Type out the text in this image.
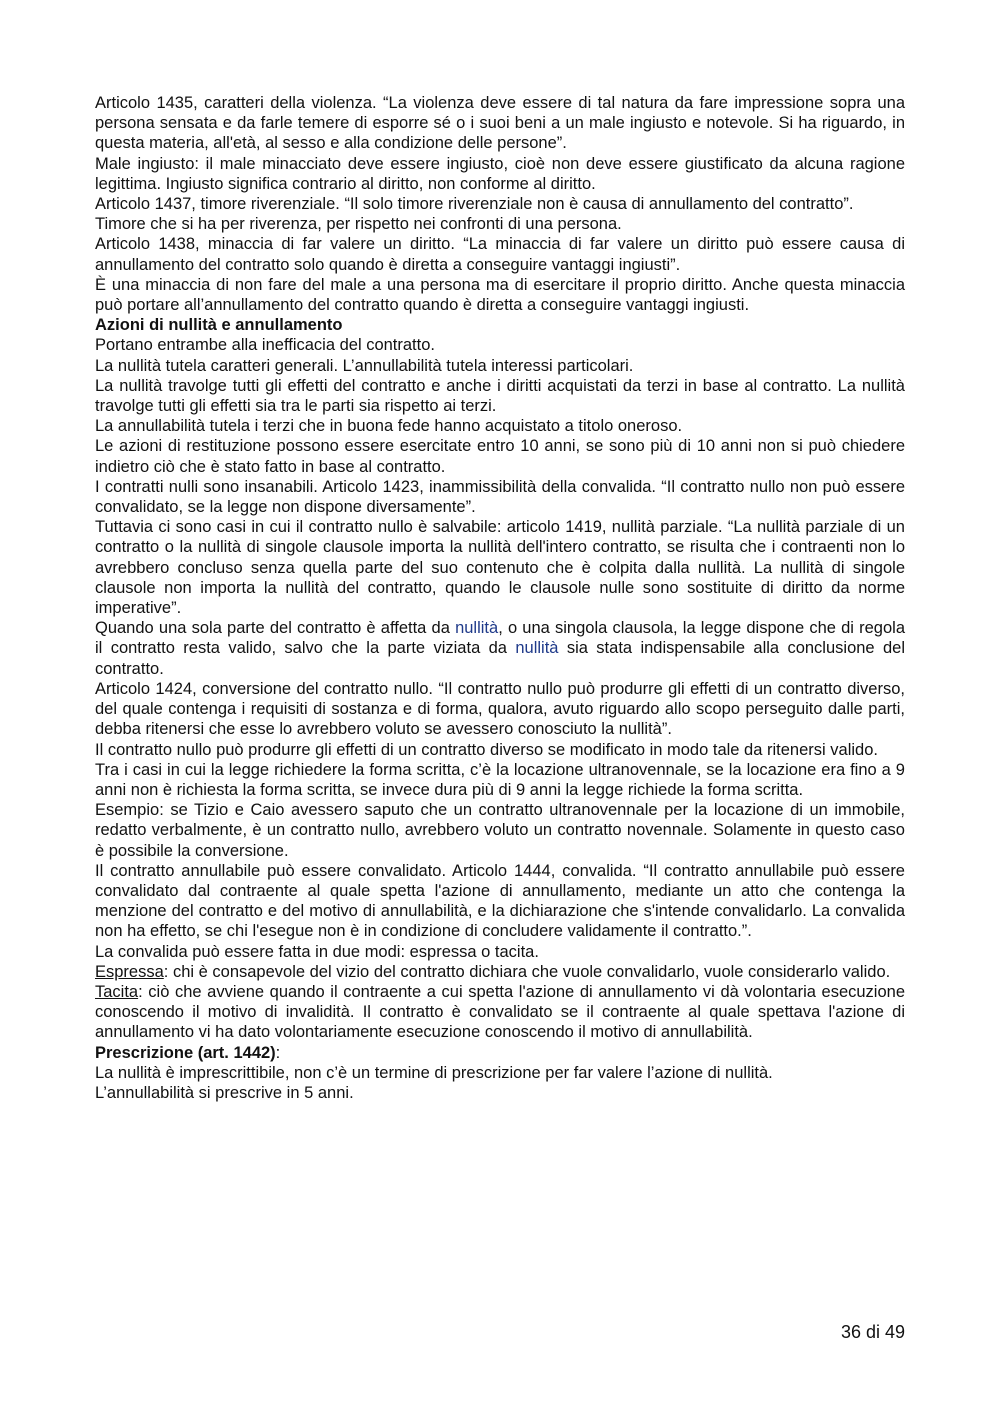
Articolo 1435, caratteri della violenza. “La violenza deve essere di tal natura da fare impressione sopra una persona sensata e da farle temere di esporre sé o i suoi beni a un male ingiusto e notevole. Si ha riguardo, in questa materia, all'età, al sesso e alla condizione delle persone”.

Male ingiusto: il male minacciato deve essere ingiusto, cioè non deve essere giustificato da alcuna ragione legittima. Ingiusto significa contrario al diritto, non conforme al diritto.

Articolo 1437, timore riverenziale. “Il solo timore riverenziale non è causa di annullamento del contratto”.

Timore che si ha per riverenza, per rispetto nei confronti di una persona.

Articolo 1438, minaccia di far valere un diritto. “La minaccia di far valere un diritto può essere causa di annullamento del contratto solo quando è diretta a conseguire vantaggi ingiusti”.

È una minaccia di non fare del male a una persona ma di esercitare il proprio diritto. Anche questa minaccia può portare all’annullamento del contratto quando è diretta a conseguire vantaggi ingiusti.

Azioni di nullità e annullamento

Portano entrambe alla inefficacia del contratto.

La nullità tutela caratteri generali. L’annullabilità tutela interessi particolari.

La nullità travolge tutti gli effetti del contratto e anche i diritti acquistati da terzi in base al contratto. La nullità travolge tutti gli effetti sia tra le parti sia rispetto ai terzi.

La annullabilità tutela i terzi che in buona fede hanno acquistato a titolo oneroso.

Le azioni di restituzione possono essere esercitate entro 10 anni, se sono più di 10 anni non si può chiedere indietro ciò che è stato fatto in base al contratto.

I contratti nulli sono insanabili. Articolo 1423, inammissibilità della convalida. “Il contratto nullo non può essere convalidato, se la legge non dispone diversamente”.

Tuttavia ci sono casi in cui il contratto nullo è salvabile: articolo 1419, nullità parziale. “La nullità parziale di un contratto o la nullità di singole clausole importa la nullità dell'intero contratto, se risulta che i contraenti non lo avrebbero concluso senza quella parte del suo contenuto che è colpita dalla nullità. La nullità di singole clausole non importa la nullità del contratto, quando le clausole nulle sono sostituite di diritto da norme imperative”.

Quando una sola parte del contratto è affetta da nullità, o una singola clausola, la legge dispone che di regola il contratto resta valido, salvo che la parte viziata da nullità sia stata indispensabile alla conclusione del contratto.

Articolo 1424, conversione del contratto nullo. “Il contratto nullo può produrre gli effetti di un contratto diverso, del quale contenga i requisiti di sostanza e di forma, qualora, avuto riguardo allo scopo perseguito dalle parti, debba ritenersi che esse lo avrebbero voluto se avessero conosciuto la nullità”.

Il contratto nullo può produrre gli effetti di un contratto diverso se modificato in modo tale da ritenersi valido.

Tra i casi in cui la legge richiedere la forma scritta, c’è la locazione ultranovennale, se la locazione era fino a 9 anni non è richiesta la forma scritta, se invece dura più di 9 anni la legge richiede la forma scritta.

Esempio: se Tizio e Caio avessero saputo che un contratto ultranovennale per la locazione di un immobile, redatto verbalmente, è un contratto nullo, avrebbero voluto un contratto novennale. Solamente in questo caso è possibile la conversione.

Il contratto annullabile può essere convalidato. Articolo 1444, convalida. “Il contratto annullabile può essere convalidato dal contraente al quale spetta l'azione di annullamento, mediante un atto che contenga la menzione del contratto e del motivo di annullabilità, e la dichiarazione che s'intende convalidarlo. La convalida non ha effetto, se chi l'esegue non è in condizione di concludere validamente il contratto.”.

La convalida può essere fatta in due modi: espressa o tacita.

Espressa: chi è consapevole del vizio del contratto dichiara che vuole convalidarlo, vuole considerarlo valido.

Tacita: ciò che avviene quando il contraente a cui spetta l'azione di annullamento vi dà volontaria esecuzione conoscendo il motivo di invalidità. Il contratto è convalidato se il contraente al quale spettava l'azione di annullamento vi ha dato volontariamente esecuzione conoscendo il motivo di annullabilità.

Prescrizione (art. 1442):

La nullità è imprescrittibile, non c’è un termine di prescrizione per far valere l’azione di nullità.

L’annullabilità si prescrive in 5 anni.

36 di 49
